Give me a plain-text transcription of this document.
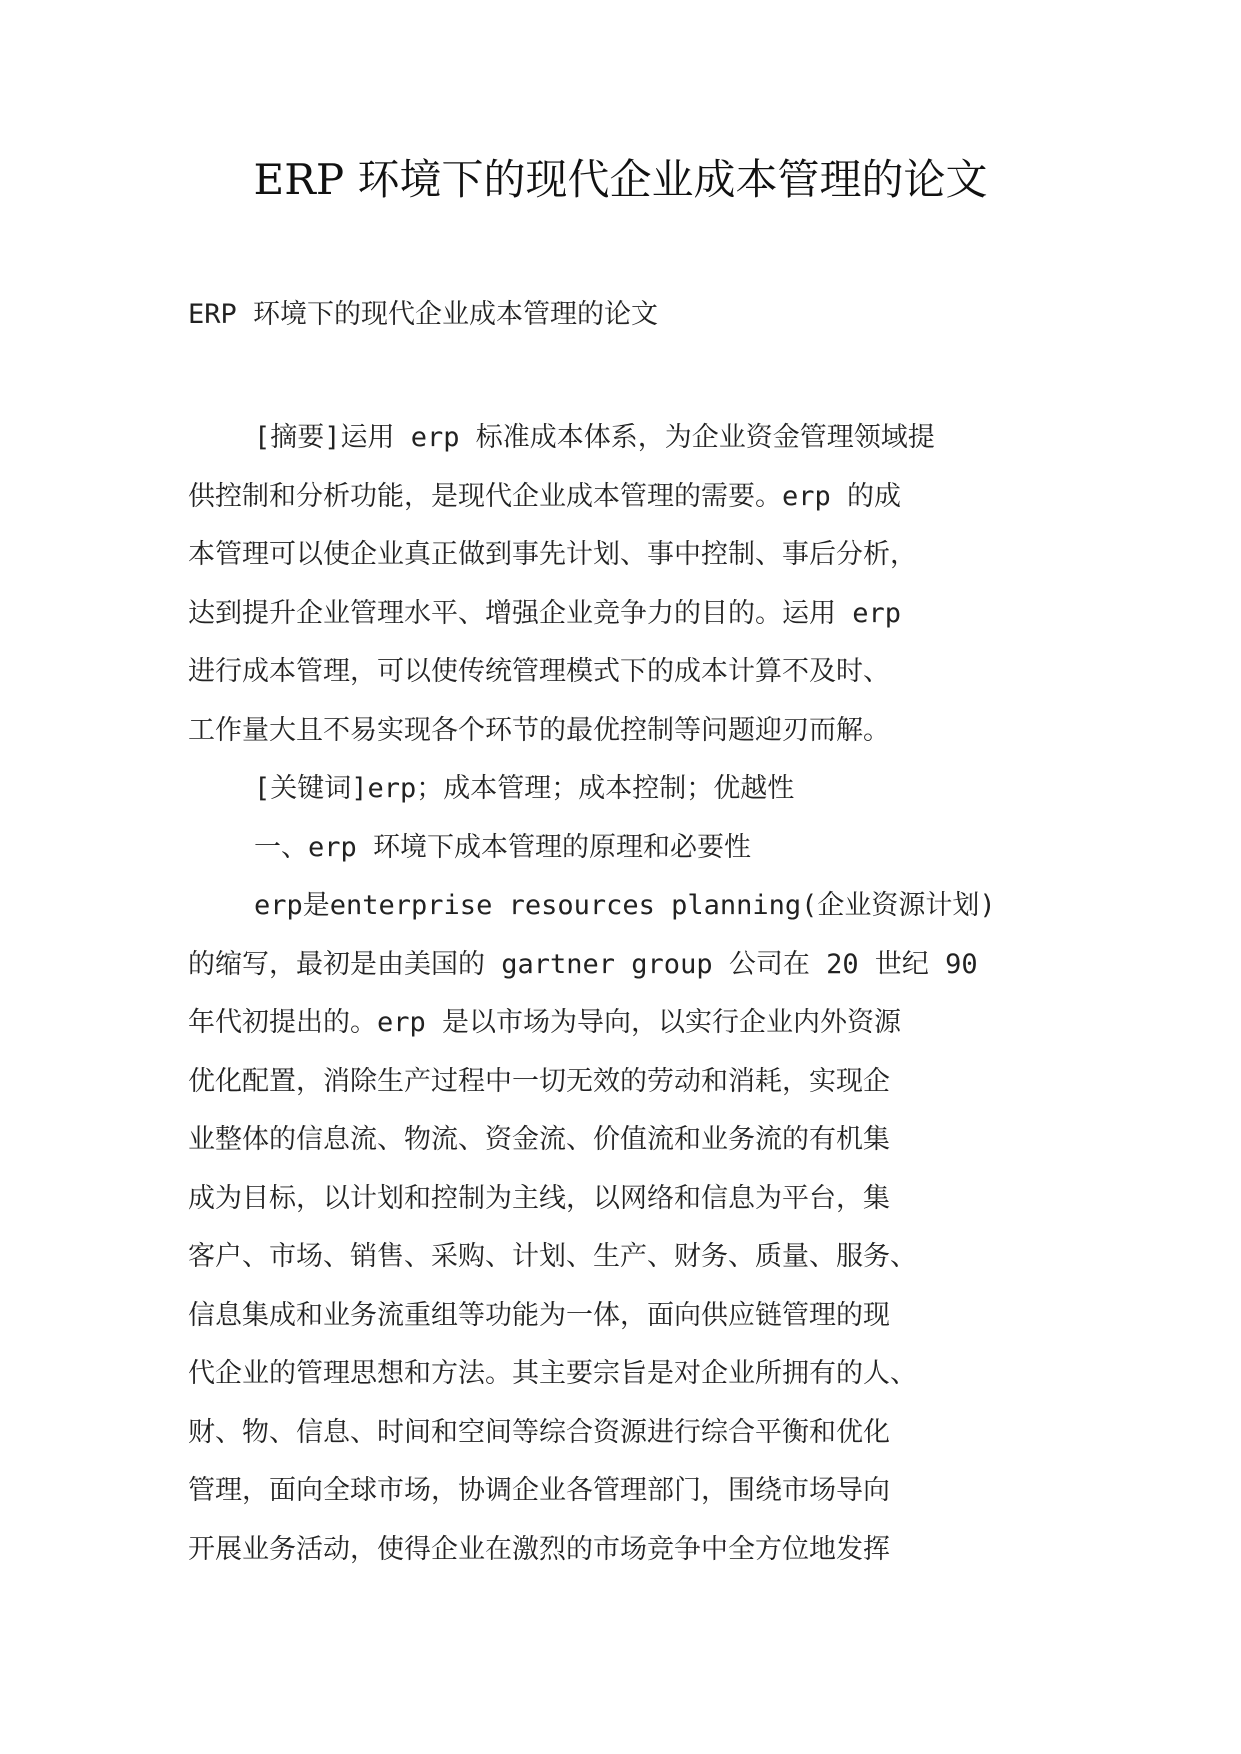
ERP 环境下的现代企业成本管理的论文

ERP 环境下的现代企业成本管理的论文

[摘要]运用 erp 标准成本体系，为企业资金管理领域提
供控制和分析功能，是现代企业成本管理的需要。erp 的成
本管理可以使企业真正做到事先计划、事中控制、事后分析，
达到提升企业管理水平、增强企业竞争力的目的。运用 erp
进行成本管理，可以使传统管理模式下的成本计算不及时、
工作量大且不易实现各个环节的最优控制等问题迎刃而解。
[关键词]erp；成本管理；成本控制；优越性
一、erp 环境下成本管理的原理和必要性
erp是enterprise resources planning(企业资源计划)
的缩写，最初是由美国的 gartner group 公司在 20 世纪 90
年代初提出的。erp 是以市场为导向，以实行企业内外资源
优化配置，消除生产过程中一切无效的劳动和消耗，实现企
业整体的信息流、物流、资金流、价值流和业务流的有机集
成为目标，以计划和控制为主线，以网络和信息为平台，集
客户、市场、销售、采购、计划、生产、财务、质量、服务、
信息集成和业务流重组等功能为一体，面向供应链管理的现
代企业的管理思想和方法。其主要宗旨是对企业所拥有的人、
财、物、信息、时间和空间等综合资源进行综合平衡和优化
管理，面向全球市场，协调企业各管理部门，围绕市场导向
开展业务活动，使得企业在激烈的市场竞争中全方位地发挥
